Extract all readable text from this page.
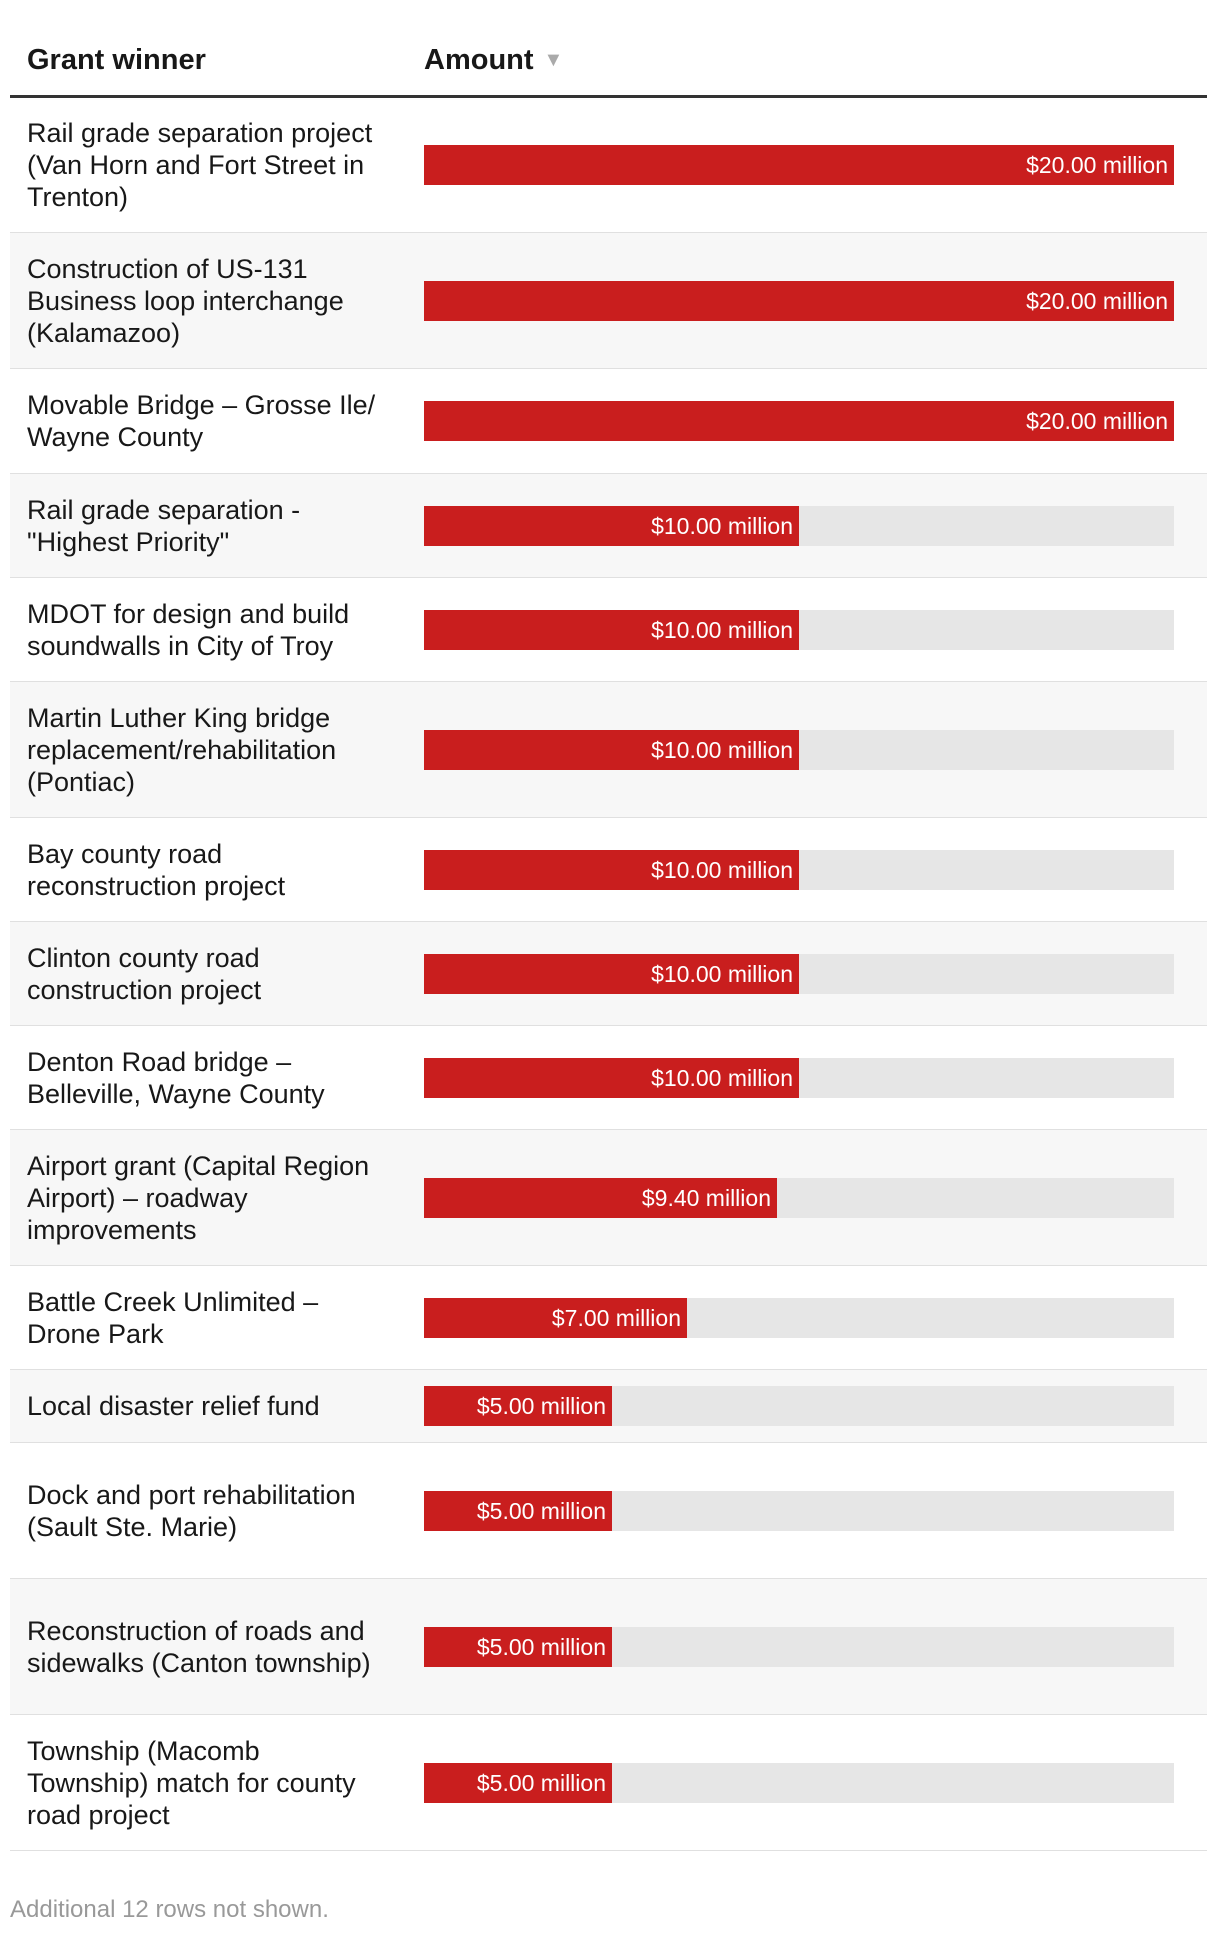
Grant winner	Amount ▼
Rail grade separation project (Van Horn and Fort Street in Trenton)
$20.00 million
Construction of US-131 Business loop interchange (Kalamazoo)
$20.00 million
Movable Bridge – Grosse Ile/ Wayne County
$20.00 million
Rail grade separation - "Highest Priority"
$10.00 million
MDOT for design and build soundwalls in City of Troy
$10.00 million
Martin Luther King bridge replacement/rehabilitation (Pontiac)
$10.00 million
Bay county road reconstruction project
$10.00 million
Clinton county road construction project
$10.00 million
Denton Road bridge – Belleville, Wayne County
$10.00 million
Airport grant (Capital Region Airport) – roadway improvements
$9.40 million
Battle Creek Unlimited – Drone Park
$7.00 million
Local disaster relief fund	$5.00 million
Dock and port rehabilitation (Sault Ste. Marie)
$5.00 million
Reconstruction of roads and sidewalks (Canton township)
$5.00 million
Township (Macomb Township) match for county road project
$5.00 million
Additional 12 rows not shown.
